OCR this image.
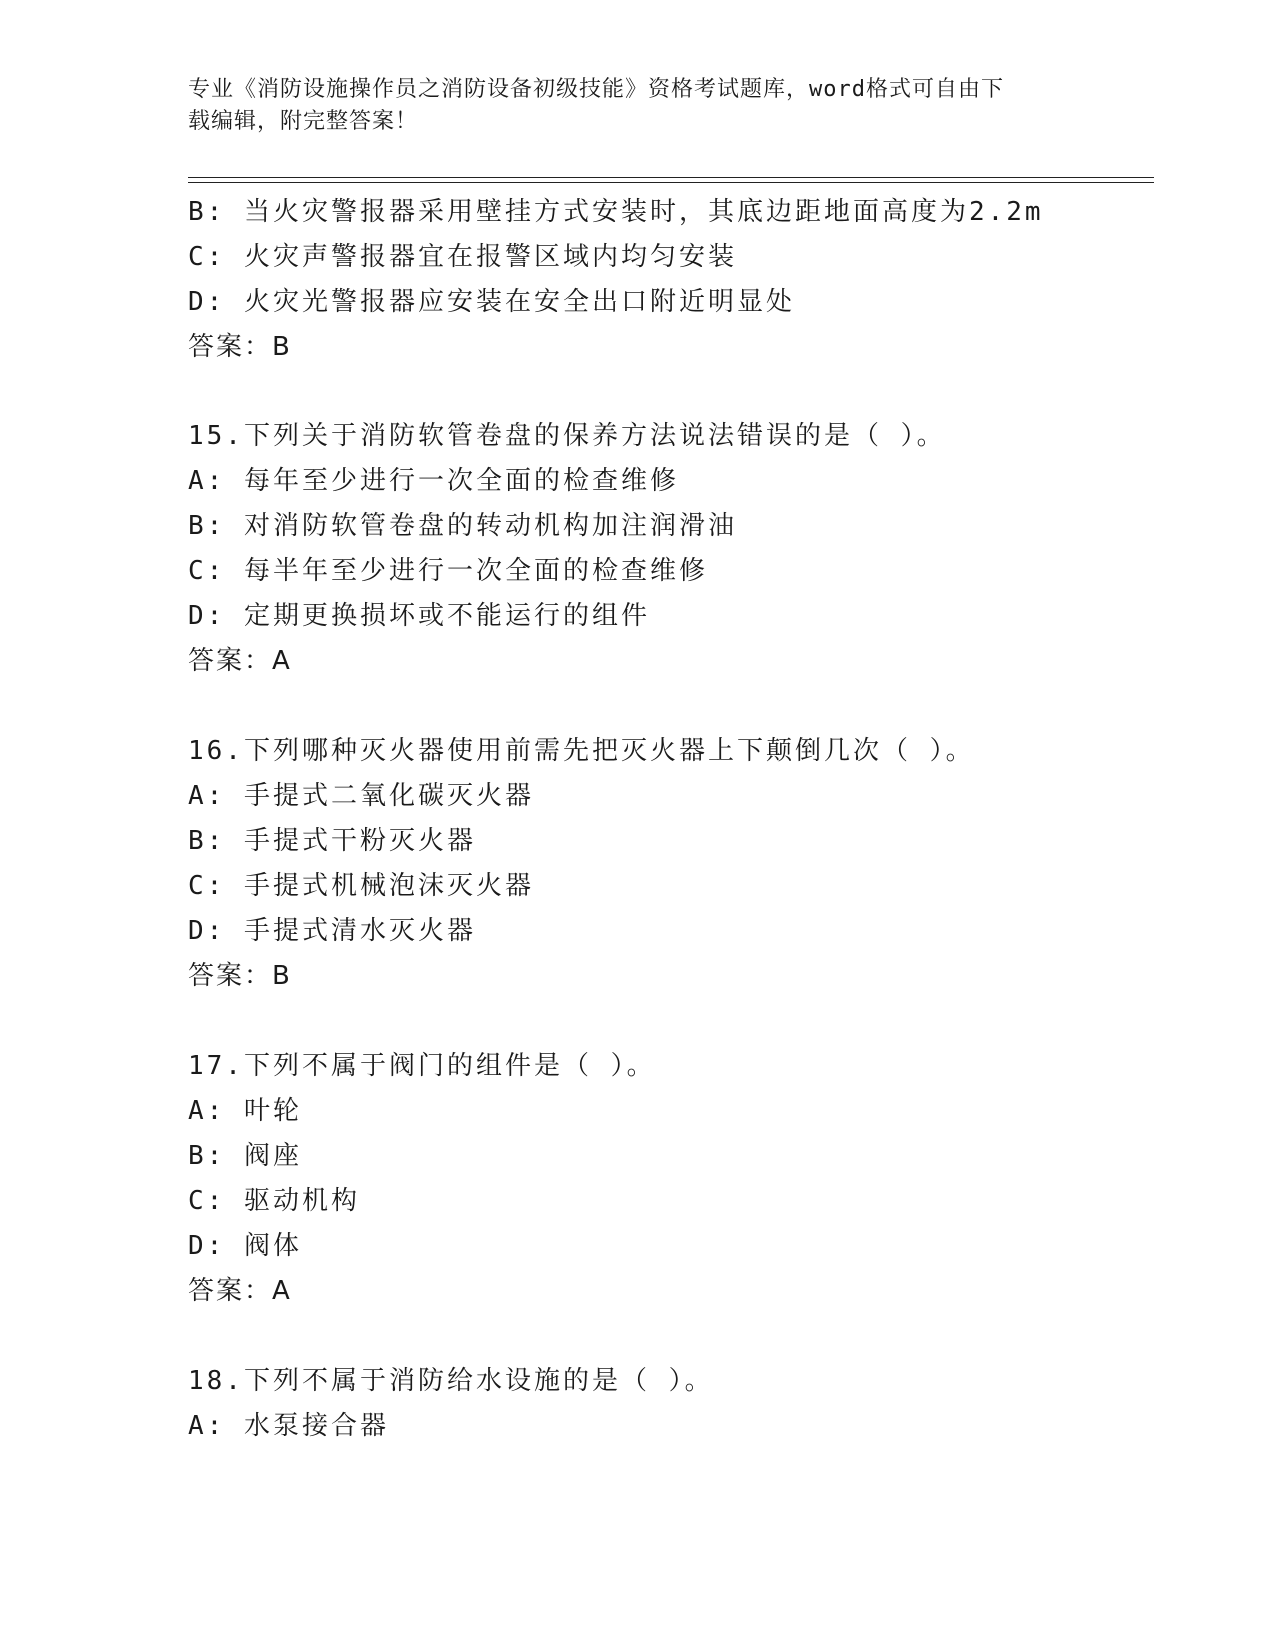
专业《消防设施操作员之消防设备初级技能》资格考试题库，word格式可自由下
载编辑，附完整答案！
B: 当火灾警报器采用壁挂方式安装时，其底边距地面高度为2.2m
C: 火灾声警报器宜在报警区域内均匀安装
D: 火灾光警报器应安装在安全出口附近明显处
答案：B
15.下列关于消防软管卷盘的保养方法说法错误的是（ ）。
A: 每年至少进行一次全面的检查维修
B: 对消防软管卷盘的转动机构加注润滑油
C: 每半年至少进行一次全面的检查维修
D: 定期更换损坏或不能运行的组件
答案：A
16.下列哪种灭火器使用前需先把灭火器上下颠倒几次（ ）。
A: 手提式二氧化碳灭火器
B: 手提式干粉灭火器
C: 手提式机械泡沫灭火器
D: 手提式清水灭火器
答案：B
17.下列不属于阀门的组件是（ ）。
A: 叶轮
B: 阀座
C: 驱动机构
D: 阀体
答案：A
18.下列不属于消防给水设施的是（ ）。
A: 水泵接合器
